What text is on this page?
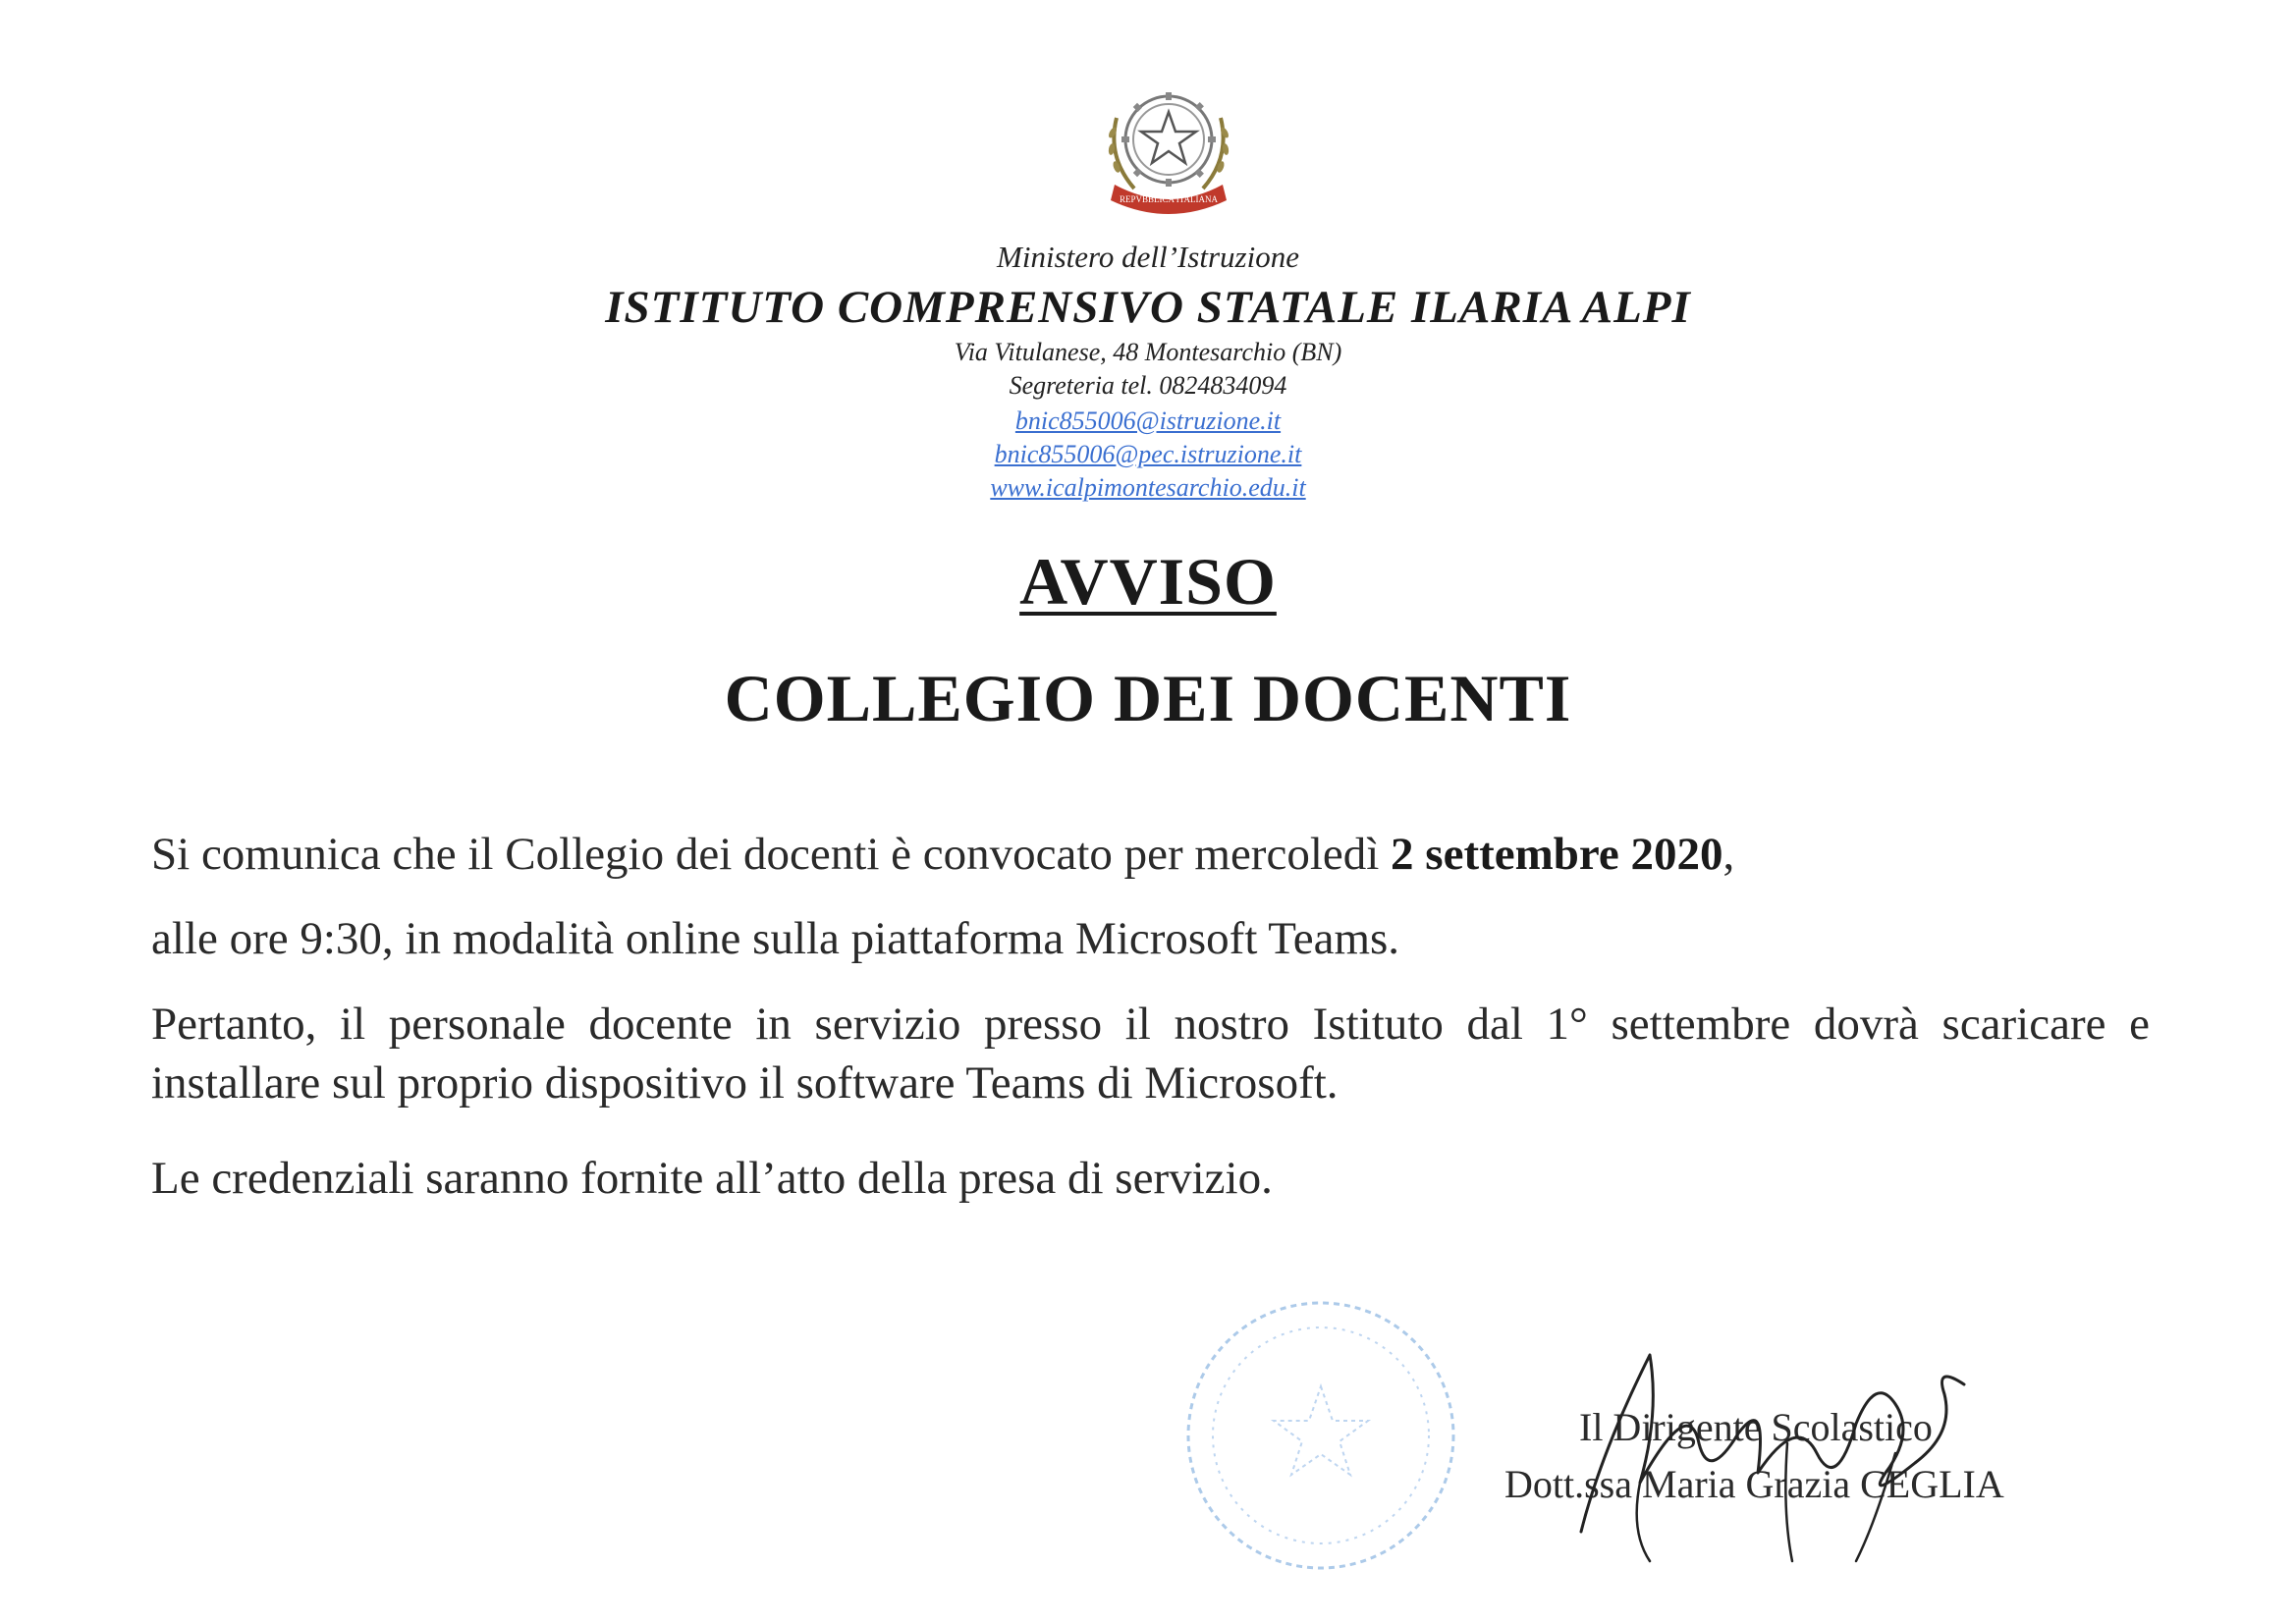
REPVBBLICA ITALIANA
Ministero dell’Istruzione
ISTITUTO COMPRENSIVO STATALE ILARIA ALPI
Via Vitulanese, 48 Montesarchio (BN)
Segreteria tel. 0824834094
bnic855006@istruzione.it
bnic855006@pec.istruzione.it
www.icalpimontesarchio.edu.it
AVVISO
COLLEGIO DEI DOCENTI
Si comunica che il Collegio dei docenti è convocato per mercoledì 2 settembre 2020,
alle ore 9:30, in modalità online sulla piattaforma Microsoft Teams.
Pertanto, il personale docente in servizio presso il nostro Istituto dal 1° settembre dovrà scaricare e installare sul proprio dispositivo il software Teams di Microsoft.
Le credenziali saranno fornite all’atto della presa di servizio.
Il Dirigente Scolastico
Dott.ssa Maria Grazia CEGLIA
